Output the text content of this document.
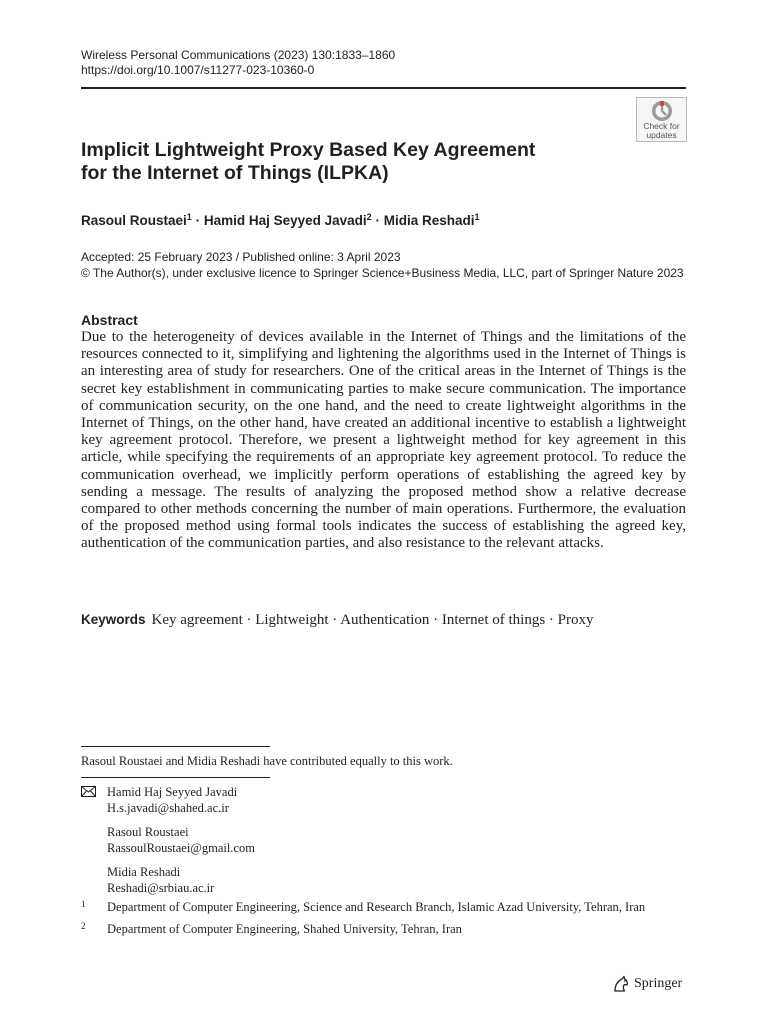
Wireless Personal Communications (2023) 130:1833–1860
https://doi.org/10.1007/s11277-023-10360-0
Check for
updates
Implicit Lightweight Proxy Based Key Agreement
for the Internet of Things (ILPKA)
Rasoul Roustaei$^1$ · Hamid Haj Seyyed Javadi$^2$ · Midia Reshadi$^1$
Accepted: 25 February 2023 / Published online: 3 April 2023
© The Author(s), under exclusive licence to Springer Science+Business Media, LLC, part of Springer Nature 2023
Abstract

Due to the heterogeneity of devices available in the Internet of Things and the limitations of the resources connected to it, simplifying and lightening the algorithms used in the Internet of Things is an interesting area of study for researchers. One of the critical areas in the Internet of Things is the secret key establishment in communicating parties to make secure communication. The importance of communication security, on the one hand, and the need to create lightweight algorithms in the Internet of Things, on the other hand, have created an additional incentive to establish a lightweight key agreement protocol. Therefore, we present a lightweight method for key agreement in this article, while specifying the requirements of an appropriate key agreement protocol. To reduce the communication overhead, we implicitly perform operations of establishing the agreed key by sending a message. The results of analyzing the proposed method show a relative decrease compared to other methods concerning the number of main operations. Furthermore, the evaluation of the proposed method using formal tools indicates the success of establishing the agreed key, authentication of the communication parties, and also resistance to the relevant attacks.

Keywords Key agreement · Lightweight · Authentication · Internet of things · Proxy
Rasoul Roustaei and Midia Reshadi have contributed equally to this work.
Hamid Haj Seyyed Javadi
H.s.javadi@shahed.ac.ir
Rasoul Roustaei
RassoulRoustaei@gmail.com
Midia Reshadi
Reshadi@srbiau.ac.ir
1 Department of Computer Engineering, Science and Research Branch, Islamic Azad University, Tehran, Iran
2 Department of Computer Engineering, Shahed University, Tehran, Iran
Springer
